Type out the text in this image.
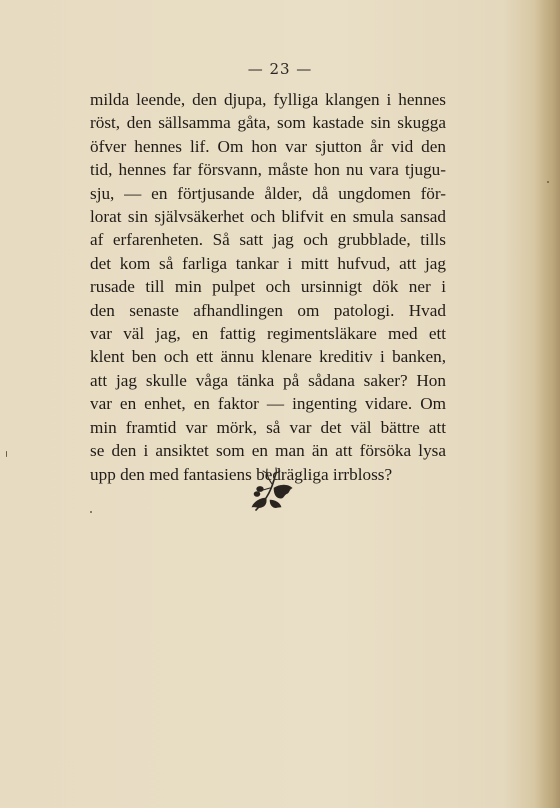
— 23 —
milda leende, den djupa, fylliga klangen i hennes
röst, den sällsamma gåta, som kastade sin skugga
öfver hennes lif. Om hon var sjutton år vid den
tid, hennes far försvann, måste hon nu vara tjugu-
sju, — en förtjusande ålder, då ungdomen för-
lorat sin självsäkerhet och blifvit en smula sansad
af erfarenheten. Så satt jag och grubblade, tills
det kom så farliga tankar i mitt hufvud, att jag
rusade till min pulpet och ursinnigt dök ner i
den senaste afhandlingen om patologi. Hvad
var väl jag, en fattig regimentsläkare med ett
klent ben och ett ännu klenare kreditiv i banken,
att jag skulle våga tänka på sådana saker? Hon
var en enhet, en faktor — ingenting vidare. Om
min framtid var mörk, så var det väl bättre att
se den i ansiktet som en man än att försöka lysa
upp den med fantasiens bedrägliga irrbloss?
